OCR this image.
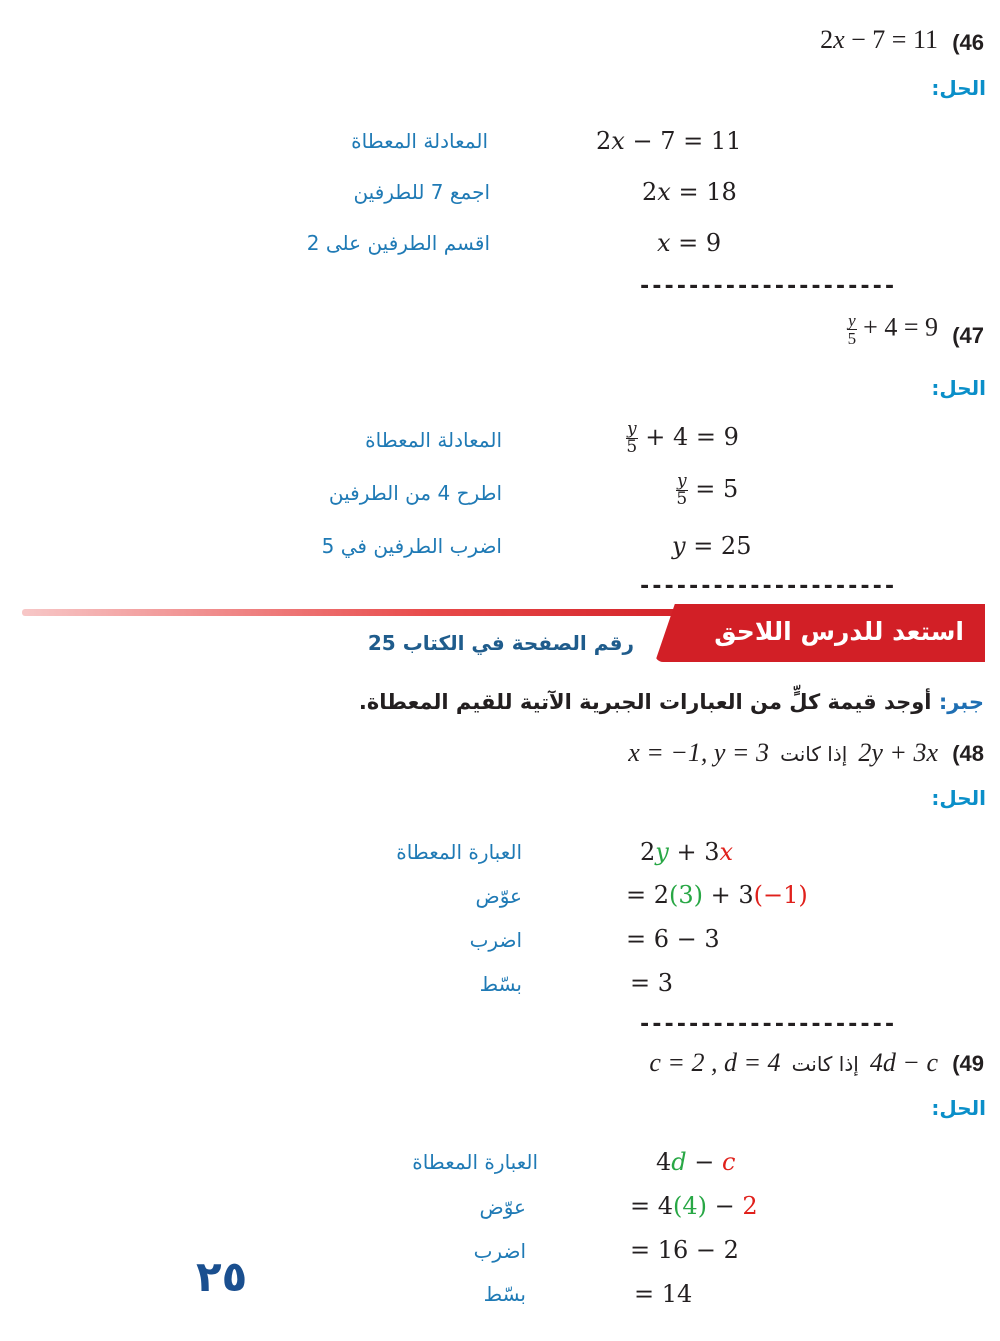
2x − 7 = 11 (46
الحل:
2x − 7 = 11
المعادلة المعطاة
2x = 18
اجمع 7 للطرفين
x = 9
اقسم الطرفين على 2
---------------------
$\frac{y}{5} + 4 = 9$ (47
الحل:
$\frac{y}{5} + 4 = 9$
المعادلة المعطاة
$\frac{y}{5} = 5$
اطرح 4 من الطرفين
y = 25
اضرب الطرفين في 5
---------------------
استعد للدرس اللاحق
رقم الصفحة في الكتاب 25
جبر: أوجد قيمة كلٍّ من العبارات الجبرية الآتية للقيم المعطاة.
2y + 3x إذا كانت x = −1, y = 3	(48
الحل:
2y + 3x
العبارة المعطاة
= 2(3) + 3(−1)
عوّض
= 6 − 3
اضرب
= 3
بسّط
---------------------
4d − c إذا كانت c = 2 , d = 4	(49
الحل:
4d − c
العبارة المعطاة
= 4(4) − 2
عوّض
= 16 − 2
اضرب
= 14
بسّط
٢٥
